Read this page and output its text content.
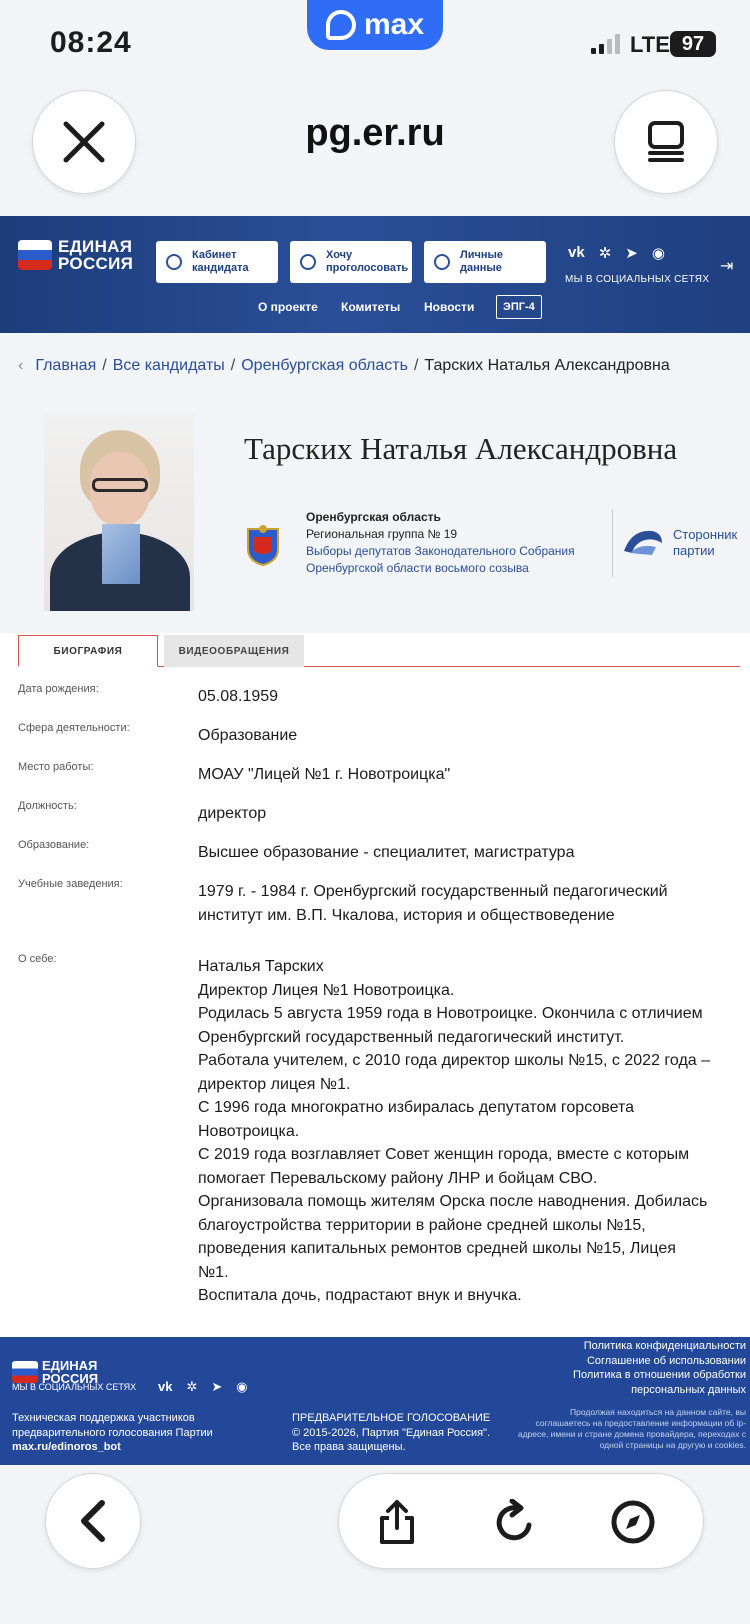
08:24
max
LTE 97
pg.er.ru
ЕДИНАЯ РОССИЯ	Кабинет
кандидата
Хочу
проголосовать
Личные
данные
vk ✲ ➤ ◉
МЫ В СОЦИАЛЬНЫХ СЕТЯХ
⇥
О проекте Комитеты Новости	ЭПГ-4
‹ Главная / Все кандидаты / Оренбургская область / Тарских Наталья Александровна
Тарских Наталья Александровна
Оренбургская область
Региональная группа № 19
Выборы депутатов Законодательного Собрания
Оренбургской области восьмого созыва
Сторонник
партии
БИОГРАФИЯ	ВИДЕООБРАЩЕНИЯ
Дата рождения:	05.08.1959
Сфера деятельности:	Образование
Место работы:	МОАУ "Лицей №1 г. Новотроицка"
Должность:	директор
Образование:	Высшее образование - специалитет, магистратура
Учебные заведения:	1979 г. - 1984 г. Оренбургский государственный педагогический
институт им. В.П. Чкалова, история и обществоведение
О себе:	Наталья Тарских
Директор Лицея №1 Новотроицка.
Родилась 5 августа 1959 года в Новотроицке. Окончила с отличием
Оренбургский государственный педагогический институт.
Работала учителем, с 2010 года директор школы №15, с 2022 года –
директор лицея №1.
С 1996 года многократно избиралась депутатом горсовета
Новотроицка.
С 2019 года возглавляет Совет женщин города, вместе с которым
помогает Перевальскому району ЛНР и бойцам СВО.
Организовала помощь жителям Орска после наводнения. Добилась
благоустройства территории в районе средней школы №15,
проведения капитальных ремонтов средней школы №15, Лицея
№1.
Воспитала дочь, подрастают внук и внучка.
ЕДИНАЯ РОССИЯ
МЫ В СОЦИАЛЬНЫХ СЕТЯХ vk ✲ ➤ ◉
Политика конфиденциальности
Соглашение об использовании
Политика в отношении обработки
персональных данных
Техническая поддержка участников
предварительного голосования Партии
max.ru/edinoros_bot
ПРЕДВАРИТЕЛЬНОЕ ГОЛОСОВАНИЕ
© 2015-2026, Партия "Единая Россия".
Все права защищены.
Продолжая находиться на данном сайте, вы соглашаетесь на предоставление информации об ip-адресе, имени и стране домена провайдера, переходах с одной страницы на другую и cookies.
